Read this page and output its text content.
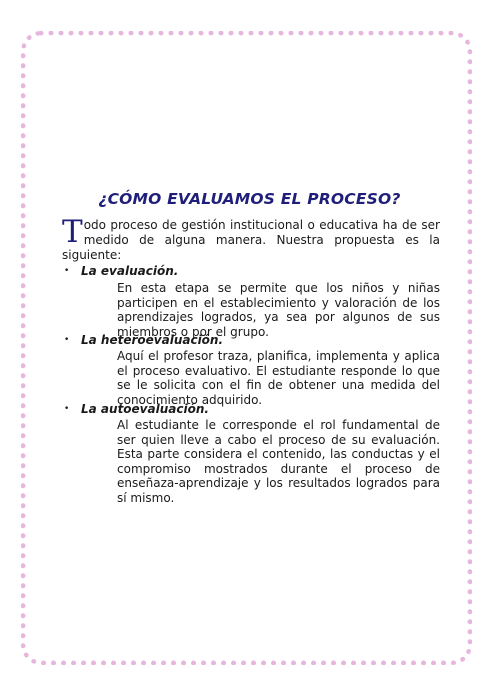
¿CÓMO EVALUAMOS EL PROCESO?
Todo proceso de gestión institucional o educativa ha de ser medido de alguna manera. Nuestra propuesta es la siguiente:
• La evaluación.
En esta etapa se permite que los niños y niñas participen en el establecimiento y valoración de los aprendizajes logrados, ya sea por algunos de sus miembros o por el grupo.
• La heteroevaluación.
Aquí el profesor traza, planifica, implementa y aplica el proceso evaluativo. El estudiante responde lo que se le solicita con el fin de obtener una medida del conocimiento adquirido.
• La autoevaluación.
Al estudiante le corresponde el rol fundamental de ser quien lleve a cabo el proceso de su evaluación. Esta parte considera el contenido, las conductas y el compromiso mostrados durante el proceso de enseñaza-aprendizaje y los resultados logrados para sí mismo.
